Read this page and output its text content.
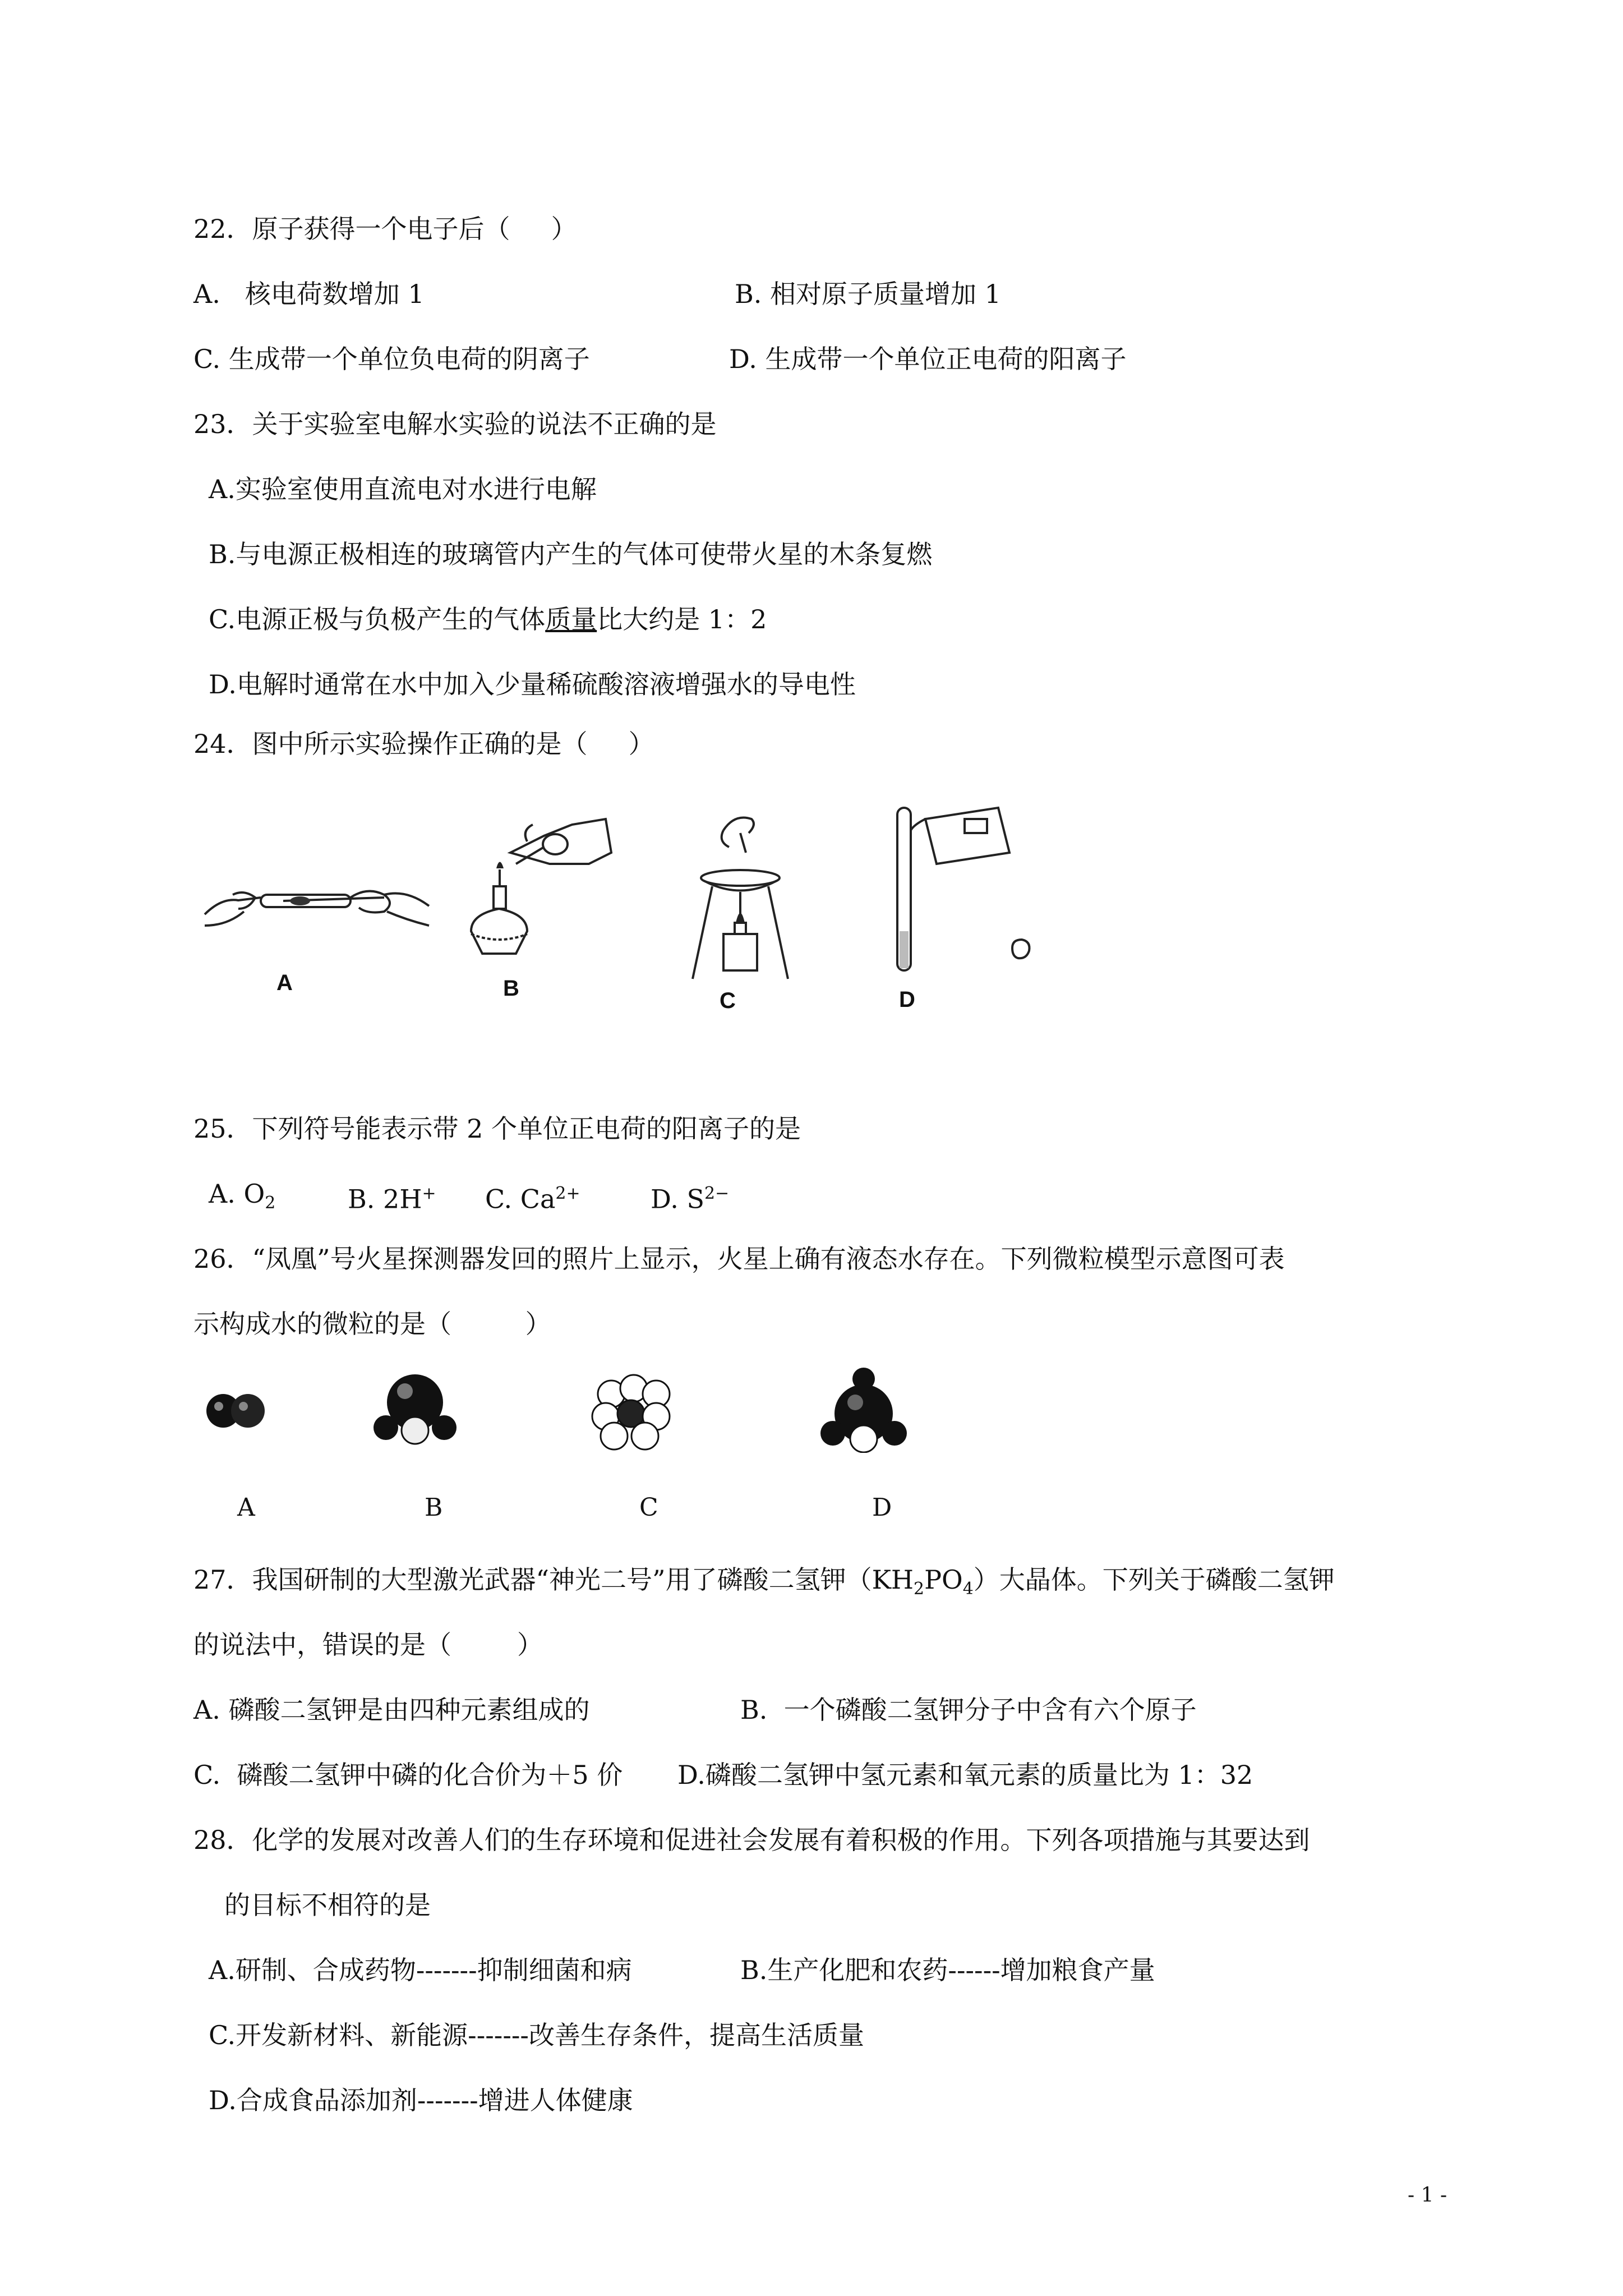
22．原子获得一个电子后（     ）
A.   核电荷数增加 1	B. 相对原子质量增加 1
C. 生成带一个单位负电荷的阴离子	D. 生成带一个单位正电荷的阳离子
23．关于实验室电解水实验的说法不正确的是
A.实验室使用直流电对水进行电解
B.与电源正极相连的玻璃管内产生的气体可使带火星的木条复燃
C.电源正极与负极产生的气体质量比大约是 1：2
D.电解时通常在水中加入少量稀硫酸溶液增强水的导电性
24．图中所示实验操作正确的是（     ）
A	B	C	D
25．下列符号能表示带 2 个单位正电荷的阳离子的是
A. $O_2$	B. 2H+ C. $Ca^{2+}$	D. $S^{2-}$
26．“凤凰”号火星探测器发回的照片上显示，火星上确有液态水存在。下列微粒模型示意图可表
示构成水的微粒的是（         ）
A	B	C	D
27．我国研制的大型激光武器“神光二号”用了磷酸二氢钾$(KH_2PO_4)$大晶体。下列关于磷酸二氢钾
的说法中，错误的是（        ）
A. 磷酸二氢钾是由四种元素组成的	B.  一个磷酸二氢钾分子中含有六个原子
C.  磷酸二氢钾中磷的化合价为＋5 价 D.磷酸二氢钾中氢元素和氧元素的质量比为 1：32
28．化学的发展对改善人们的生存环境和促进社会发展有着积极的作用。下列各项措施与其要达到
的目标不相符的是
A.研制、合成药物-------抑制细菌和病	B.生产化肥和农药------增加粮食产量
C.开发新材料、新能源-------改善生存条件，提高生活质量
D.合成食品添加剂-------增进人体健康
- 1 -
